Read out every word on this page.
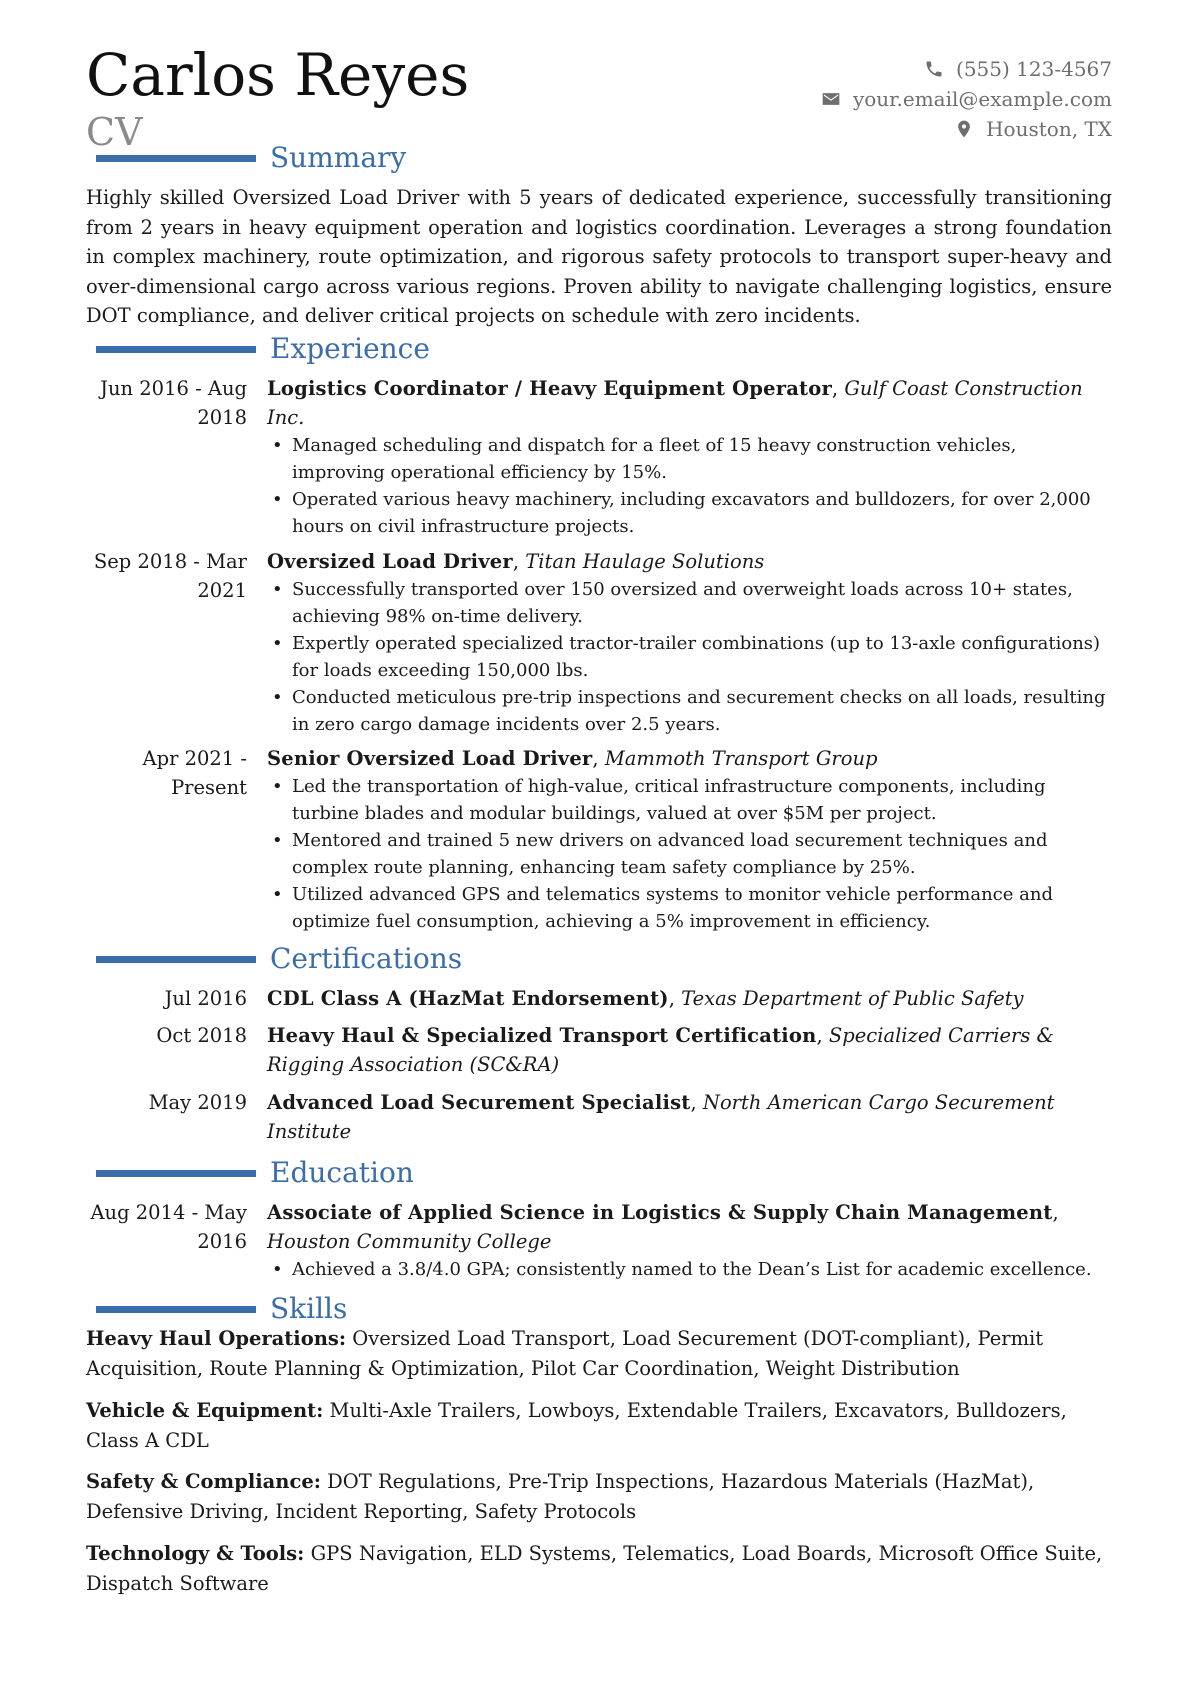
Carlos Reyes
CV
(555) 123-4567
your.email@example.com
Houston, TX
Summary

Highly skilled Oversized Load Driver with 5 years of dedicated experience, successfully transitioning from 2 years in heavy equipment operation and logistics coordination. Leverages a strong foundation in complex machinery, route optimization, and rigorous safety protocols to transport super-heavy and over-dimensional cargo across various regions. Proven ability to navigate challenging logistics, ensure DOT compliance, and deliver critical projects on schedule with zero incidents.

Experience
Jun 2016 - Aug 2018
Logistics Coordinator / Heavy Equipment Operator, Gulf Coast Construction Inc.
• Managed scheduling and dispatch for a fleet of 15 heavy construction vehicles, improving operational efficiency by 15%.
• Operated various heavy machinery, including excavators and bulldozers, for over 2,000 hours on civil infrastructure projects.
Sep 2018 - Mar 2021
Oversized Load Driver, Titan Haulage Solutions
• Successfully transported over 150 oversized and overweight loads across 10+ states, achieving 98% on-time delivery.
• Expertly operated specialized tractor-trailer combinations (up to 13-axle configurations) for loads exceeding 150,000 lbs.
• Conducted meticulous pre-trip inspections and securement checks on all loads, resulting in zero cargo damage incidents over 2.5 years.
Apr 2021 - Present
Senior Oversized Load Driver, Mammoth Transport Group
• Led the transportation of high-value, critical infrastructure components, including turbine blades and modular buildings, valued at over $5M per project.
• Mentored and trained 5 new drivers on advanced load securement techniques and complex route planning, enhancing team safety compliance by 25%.
• Utilized advanced GPS and telematics systems to monitor vehicle performance and optimize fuel consumption, achieving a 5% improvement in efficiency.
Certifications
Jul 2016 CDL Class A (HazMat Endorsement), Texas Department of Public Safety
Oct 2018 Heavy Haul & Specialized Transport Certification, Specialized Carriers & Rigging Association (SC&RA)
May 2019 Advanced Load Securement Specialist, North American Cargo Securement Institute
Education
Aug 2014 - May 2016
Associate of Applied Science in Logistics & Supply Chain Management, Houston Community College
• Achieved a 3.8/4.0 GPA; consistently named to the Dean’s List for academic excellence.
Skills

Heavy Haul Operations: Oversized Load Transport, Load Securement (DOT-compliant), Permit Acquisition, Route Planning & Optimization, Pilot Car Coordination, Weight Distribution

Vehicle & Equipment: Multi-Axle Trailers, Lowboys, Extendable Trailers, Excavators, Bulldozers, Class A CDL

Safety & Compliance: DOT Regulations, Pre-Trip Inspections, Hazardous Materials (HazMat), Defensive Driving, Incident Reporting, Safety Protocols

Technology & Tools: GPS Navigation, ELD Systems, Telematics, Load Boards, Microsoft Office Suite, Dispatch Software
